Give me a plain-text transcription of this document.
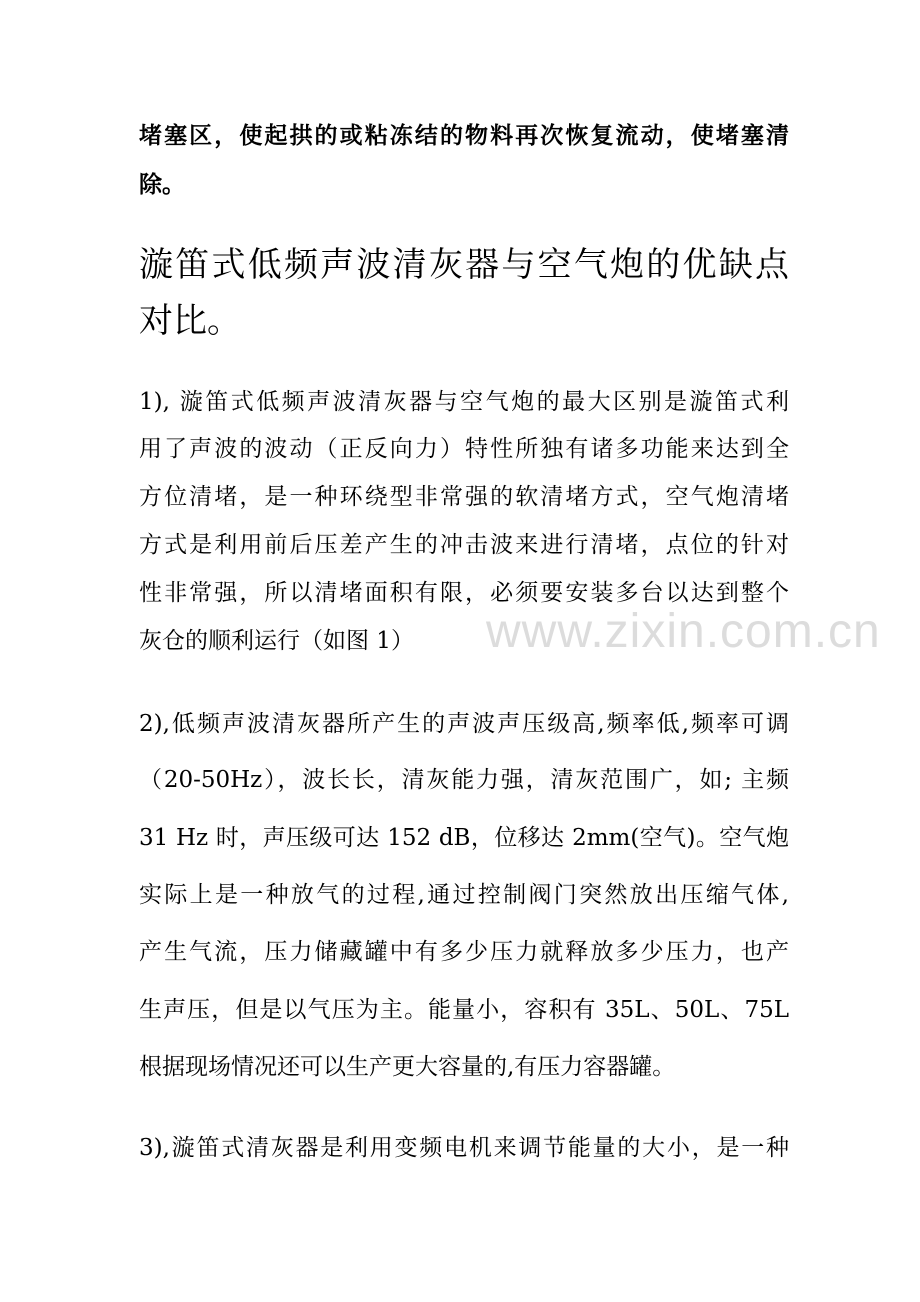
www.zixin.com.cn
堵塞区，使起拱的或粘冻结的物料再次恢复流动，使堵塞清
除。
漩笛式低频声波清灰器与空气炮的优缺点
对比。
1), 漩笛式低频声波清灰器与空气炮的最大区别是漩笛式利
用了声波的波动（正反向力）特性所独有诸多功能来达到全
方位清堵，是一种环绕型非常强的软清堵方式，空气炮清堵
方式是利用前后压差产生的冲击波来进行清堵，点位的针对
性非常强，所以清堵面积有限，必须要安装多台以达到整个
灰仓的顺利运行（如图 1）
2),低频声波清灰器所产生的声波声压级高,频率低,频率可调
（20-50Hz），波长长，清灰能力强，清灰范围广，如; 主频
31 Hz 时，声压级可达 152 dB，位移达 2mm(空气)。空气炮
实际上是一种放气的过程,通过控制阀门突然放出压缩气体,
产生气流，压力储藏罐中有多少压力就释放多少压力，也产
生声压，但是以气压为主。能量小，容积有 35L、50L、75L
根据现场情况还可以生产更大容量的,有压力容器罐。
3),漩笛式清灰器是利用变频电机来调节能量的大小，是一种
